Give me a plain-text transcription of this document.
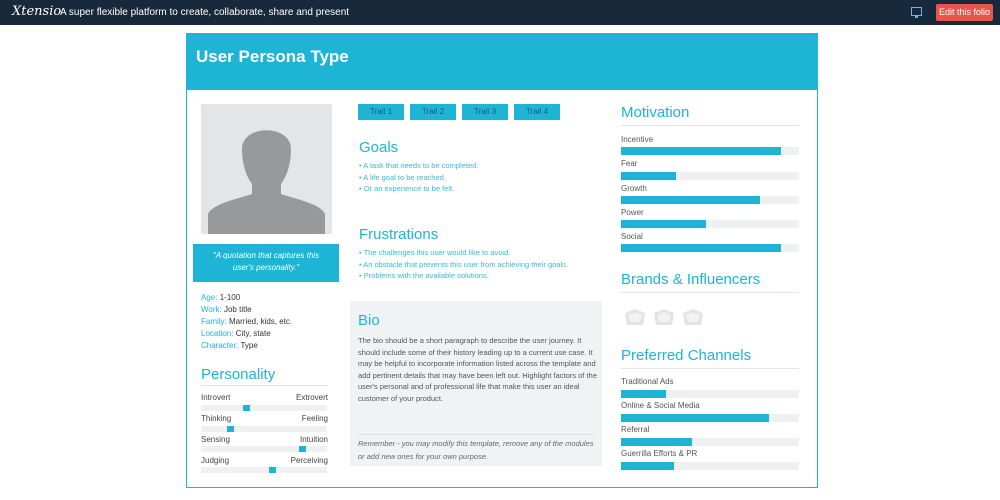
Xtensio
A super flexible platform to create, collaborate, share and present	Edit this folio
User Persona Type
"A quotation that captures this user's personality."
Age: 1-100
Work: Job title
Family: Married, kids, etc.
Location: City, state
Character: Type
Personality
Introvert	Extrovert
Thinking	Feeling
Sensing	Intuition
Judging	Perceiving
Trait 1	Trait 2	Trait 3	Trait 4
Goals
• A task that needs to be completed.
• A life goal to be reached.
• Or an experience to be felt.
Frustrations
• The challenges this user would like to avoid.
• An obstacle that prevents this user from achieving their goals.
• Problems with the available solutions.
Bio
The bio should be a short paragraph to describe the user journey. It should include some of their history leading up to a current use case. It may be helpful to incorporate information listed across the template and add pertinent details that may have been left out. Highlight factors of the user's personal and of professional life that make this user an ideal customer of your product.
Remember - you may modify this template, remove any of the modules or add new ones for your own purpose.
Motivation
Incentive
Fear
Growth
Power
Social
Brands & Influencers
Preferred Channels
Traditional Ads
Online & Social Media
Referral
Guerrilla Efforts & PR
